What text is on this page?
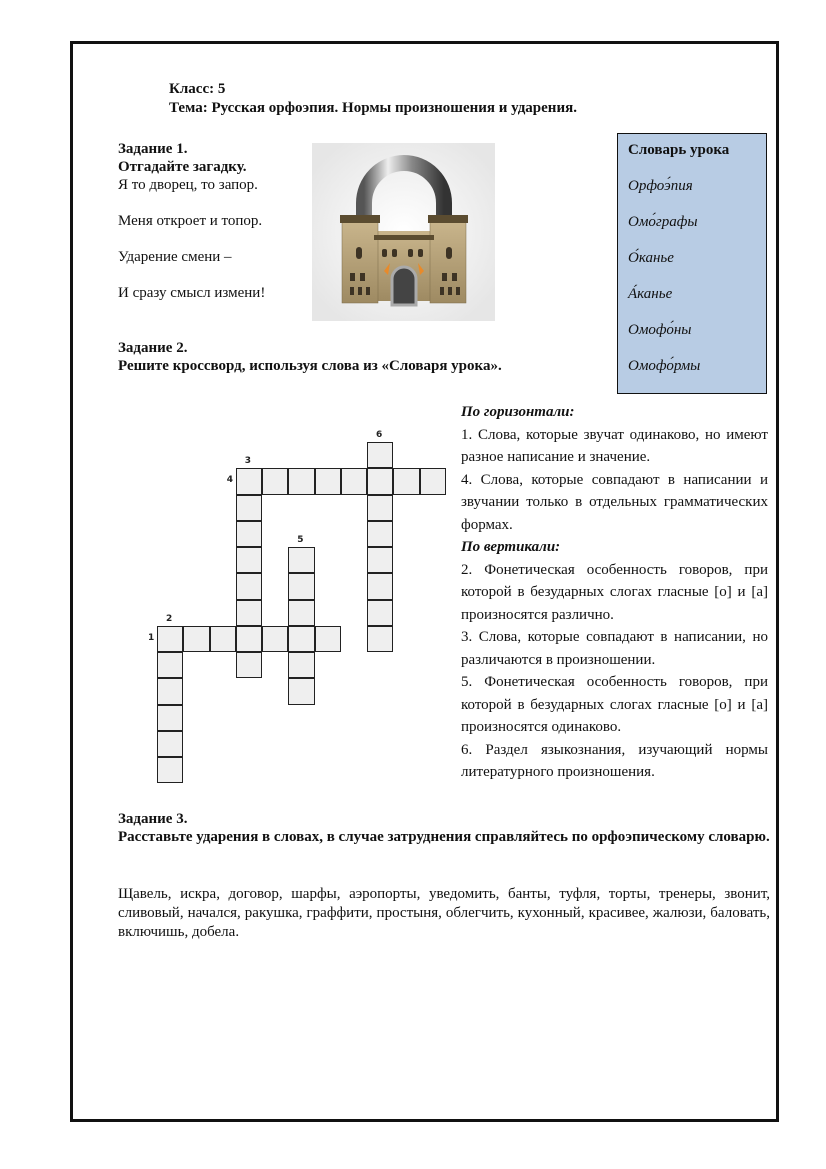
Класс: 5
Тема: Русская орфоэпия. Нормы произношения и ударения.
Задание 1.
Отгадайте загадку.
Я то дворец, то запор.
Меня откроет и топор.
Ударение смени –
И сразу смысл измени!
Словарь урока
Орфоэ́пия
Омо́графы
О́канье
А́канье
Омофо́ны
Омофо́рмы
Задание 2.
Решите кроссворд, используя слова из «Словаря урока».
1
4
2
3
5
6

По горизонтали:

1. Слова, которые звучат одинаково, но имеют разное написание и значение.

4. Слова, которые совпадают в написании и звучании только в отдельных грамматических формах.

По вертикали:

2. Фонетическая особенность говоров, при которой в безударных слогах гласные [о] и [а] произносятся различно.

3. Слова, которые совпадают в написании, но различаются в произношении.

5. Фонетическая особенность говоров, при которой в безударных слогах гласные [о] и [а] произносятся одинаково.

6. Раздел языкознания, изучающий нормы литературного произношения.

Задание 3.
Расставьте ударения в словах, в случае затруднения справляйтесь по орфоэпическому словарю.
Щавель, искра, договор, шарфы, аэропорты, уведомить, банты, туфля, торты, тренеры, звонит, сливовый, начался, ракушка, граффити, простыня, облегчить, кухонный, красивее, жалюзи, баловать, включишь, добела.
